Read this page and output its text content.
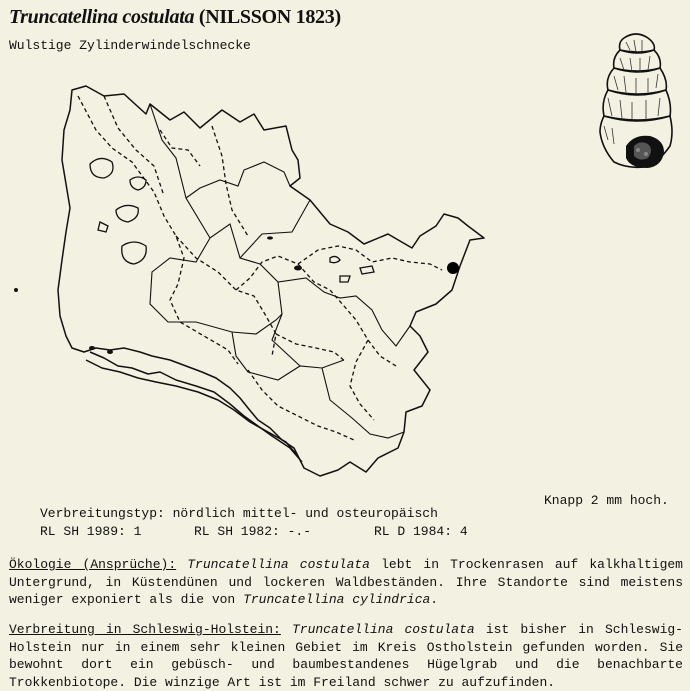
Truncatellina costulata (NILSSON 1823)
Wulstige Zylinderwindelschnecke
Knapp 2 mm hoch.
Verbreitungstyp: nördlich mittel- und osteuropäisch
RL SH 1989: 1	RL SH 1982: -.-	RL D 1984: 4
Ökologie (Ansprüche): Truncatellina costulata lebt in Trockenrasen auf kalkhaltigem Untergrund, in Küstendünen und lockeren Waldbeständen. Ihre Standorte sind meistens weniger exponiert als die von Truncatellina cylindrica.
Verbreitung in Schleswig-Holstein: Truncatellina costulata ist bisher in Schleswig-Holstein nur in einem sehr kleinen Gebiet im Kreis Ostholstein gefunden worden. Sie bewohnt dort ein gebüsch- und baumbestandenes Hügelgrab und die benachbarte Trokkenbiotope. Die winzige Art ist im Freiland schwer zu aufzufinden.
